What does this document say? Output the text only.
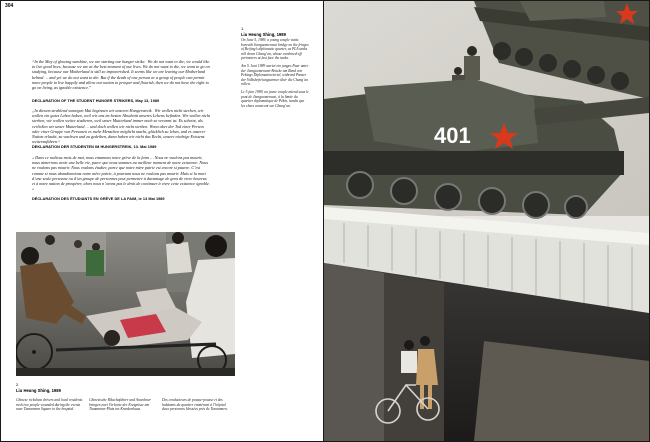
304

“In the May of glowing sunshine, we are starting our hunger strike.  We do not want to die; we would like to live good lives, because we are at the best moment of our lives. We do not want to die, we want to go on studying, because our Motherland is still so impoverished. It seems like we are leaving our Motherland behind … and yet we do not want to die. But if the death of one person or a group of people can permit more people to live happily and allow our nation to prosper and flourish, then we do not have the right to go on living, as ignoble existence.”

DECLARATION OF THE STUDENT HUNGER STRIKERS, May 13, 1989

„In diesem strahlend sonnigen Mai beginnen wir unseren Hungerstreik.  Wir wollen nicht sterben, wir wollen ein gutes Leben haben, weil wir uns im besten Abschnitt unseres Lebens befinden. Wir wollen nicht sterben, wir wollen weiter studieren, weil unser Mutterland immer noch so verarmt ist. Es scheint, als verließen wir unser Mutterland … und doch wollen wir nicht sterben. Wenn aber der Tod einer Person oder einer Gruppe von Personen es mehr Menschen möglicht macht, glücklich zu leben, und es unserer Nation erlaubt, zu wachsen und zu gedeihen, dann haben wir nicht das Recht, unsere niedrige Existenz weiterzuführen.“

DEKLARATION DER STUDENTEN IM HUNGERSTREIK, 13. Mai 1989

« Dans ce radieux mois de mai, nous entamons notre grève de la faim … Nous ne voulons pas mourir, nous aimerions avoir une belle vie, parce que nous sommes au meilleur moment de notre existence. Nous ne voulons pas mourir. Nous voulons étudier, parce que notre mère patrie est encore si pauvre. C’est comme si nous abandonnions notre mère patrie, à pourtant nous ne voulons pas mourir. Mais si la mort d’une seule personne ou d’un groupe de personnes peut permettre à davantage de gens de vivre heureux et à notre nation de prospérer, alors nous n’avons pas le droit de continuer à vivre cette existence ignoble. »

DÉCLARATION DES ÉTUDIANTS EN GRÈVE DE LA FAIM, le 13 Mai 1989
1.
Liu Heung Shing, 1989
On June 5, 1989, a young couple waits beneath Jianguomenwai bridge on the fringes of Beijing’s diplomatic quarter, as PLA tanks roll down Chang’an, whose cordoned-off perimeters at last face the tanks.
Am 5. Juni 1989 wartet ein junges Paar unter der Jianguomenwai-Brücke am Rand von Pekings Diplomatenviertel, während Panzer der Volksbefreiungsarmee über die Chang’an rollen.
Le 5 juin 1989, un jeune couple attend sous le pont de Jianguomenwai, à la limite du quartier diplomatique de Pékin, tandis que les chars avancent sur Chang’an.
2.
Liu Heung Shing, 1989
Chinese rickshaw drivers and local residents rush two people wounded during the events near Tiananmen Square to the hospital.
Chinesische Rikschafahrer und Anwohner bringen zwei Verletzte der Ereignisse am Tiananmen-Platz ins Krankenhaus.
Des conducteurs de pousse-pousse et des habitants du quartier emmènent à l’hôpital deux personnes blessées près de Tiananmen.
401
